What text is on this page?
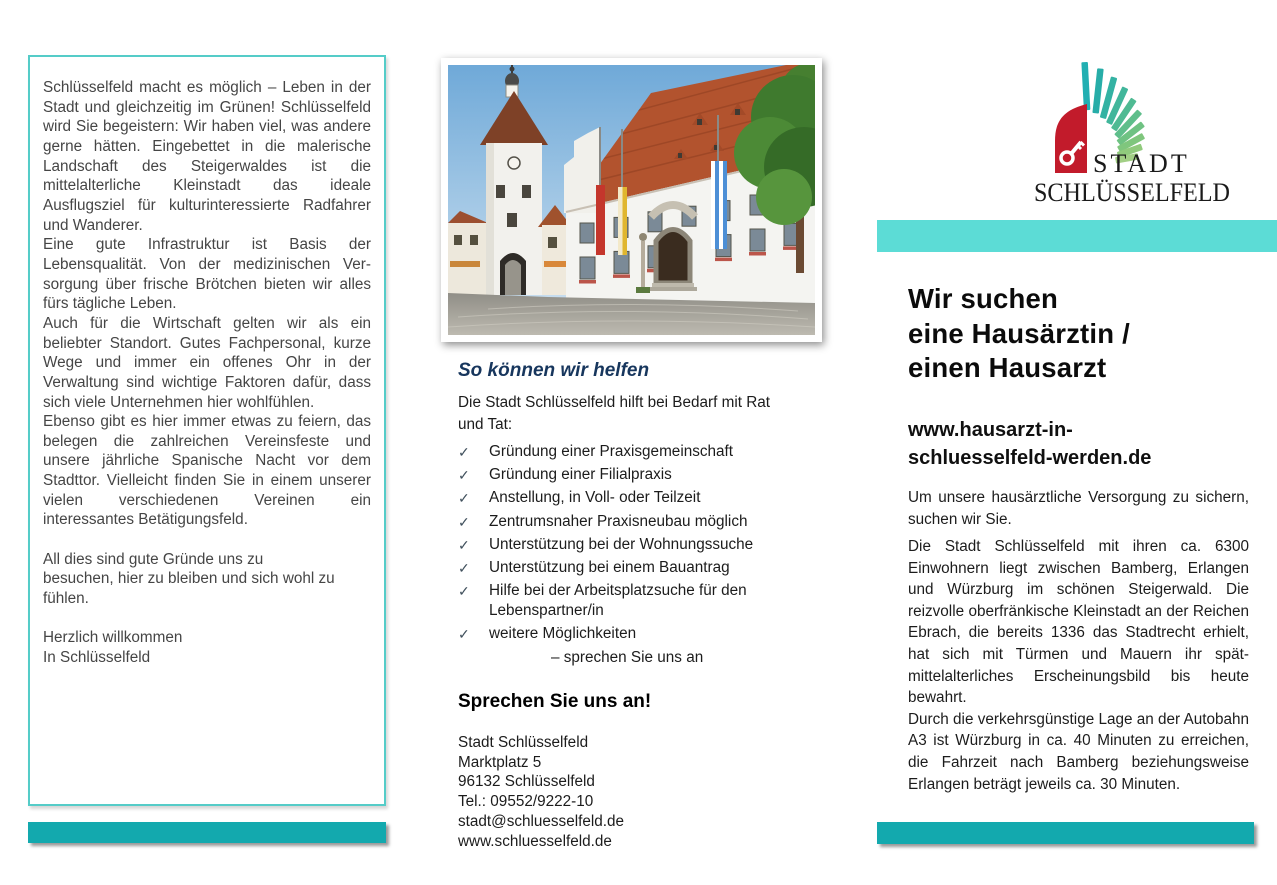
Schlüsselfeld macht es möglich – Leben in der Stadt und gleichzeitig im Grünen! Schlüsselfeld wird Sie begeistern: Wir haben viel, was andere gerne hätten. Eingebettet in die malerische Landschaft des Steigerwaldes ist die mittelalterliche Kleinstadt das ideale Ausflugsziel für kulturinteressierte Radfahrer und Wanderer.

Eine gute Infrastruktur ist Basis der Lebensqualität. Von der medizinischen Versorgung über frische Brötchen bieten wir alles fürs tägliche Leben.

Auch für die Wirtschaft gelten wir als ein beliebter Standort. Gutes Fachpersonal, kurze Wege und immer ein offenes Ohr in der Verwaltung sind wichtige Faktoren dafür, dass sich viele Unternehmen hier wohlfühlen.

Ebenso gibt es hier immer etwas zu feiern, das belegen die zahlreichen Vereinsfeste und unsere jährliche Spanische Nacht vor dem Stadttor. Vielleicht finden Sie in einem unserer vielen verschiedenen Vereinen ein interessantes Betätigungsfeld.

All dies sind gute Gründe uns zu
besuchen, hier zu bleiben und sich wohl zu
fühlen.
Herzlich willkommen
In Schlüsselfeld
So können wir helfen

Die Stadt Schlüsselfeld hilft bei Bedarf mit Rat und Tat:

✓	Gründung einer Praxisgemeinschaft
✓	Gründung einer Filialpraxis
✓	Anstellung, in Voll- oder Teilzeit
✓	Zentrumsnaher Praxisneubau möglich
✓	Unterstützung bei der Wohnungssuche
✓	Unterstützung bei einem Bauantrag
✓	Hilfe bei der Arbeitsplatzsuche für den Lebenspartner/in
✓	weitere Möglichkeiten
– sprechen Sie uns an
Sprechen Sie uns an!
Stadt Schlüsselfeld
Marktplatz 5
96132 Schlüsselfeld
Tel.: 09552/9222-10
stadt@schluesselfeld.de
www.schluesselfeld.de
STADT
SCHLÜSSELFELD
Wir suchen
eine Hausärztin /
einen Hausarzt
www.hausarzt-in-
schluesselfeld-werden.de

Um unsere hausärztliche Versorgung zu sichern, suchen wir Sie.

Die Stadt Schlüsselfeld mit ihren ca. 6300 Einwohnern liegt zwischen Bamberg, Erlangen und Würzburg im schönen Steigerwald. Die reizvolle oberfränkische Kleinstadt an der Reichen Ebrach, die bereits 1336 das Stadtrecht erhielt, hat sich mit Türmen und Mauern ihr spätmittelalterliches Erscheinungsbild bis heute bewahrt.

Durch die verkehrsgünstige Lage an der Autobahn A3 ist Würzburg in ca. 40 Minuten zu erreichen, die Fahrzeit nach Bamberg beziehungsweise Erlangen beträgt jeweils ca. 30 Minuten.
